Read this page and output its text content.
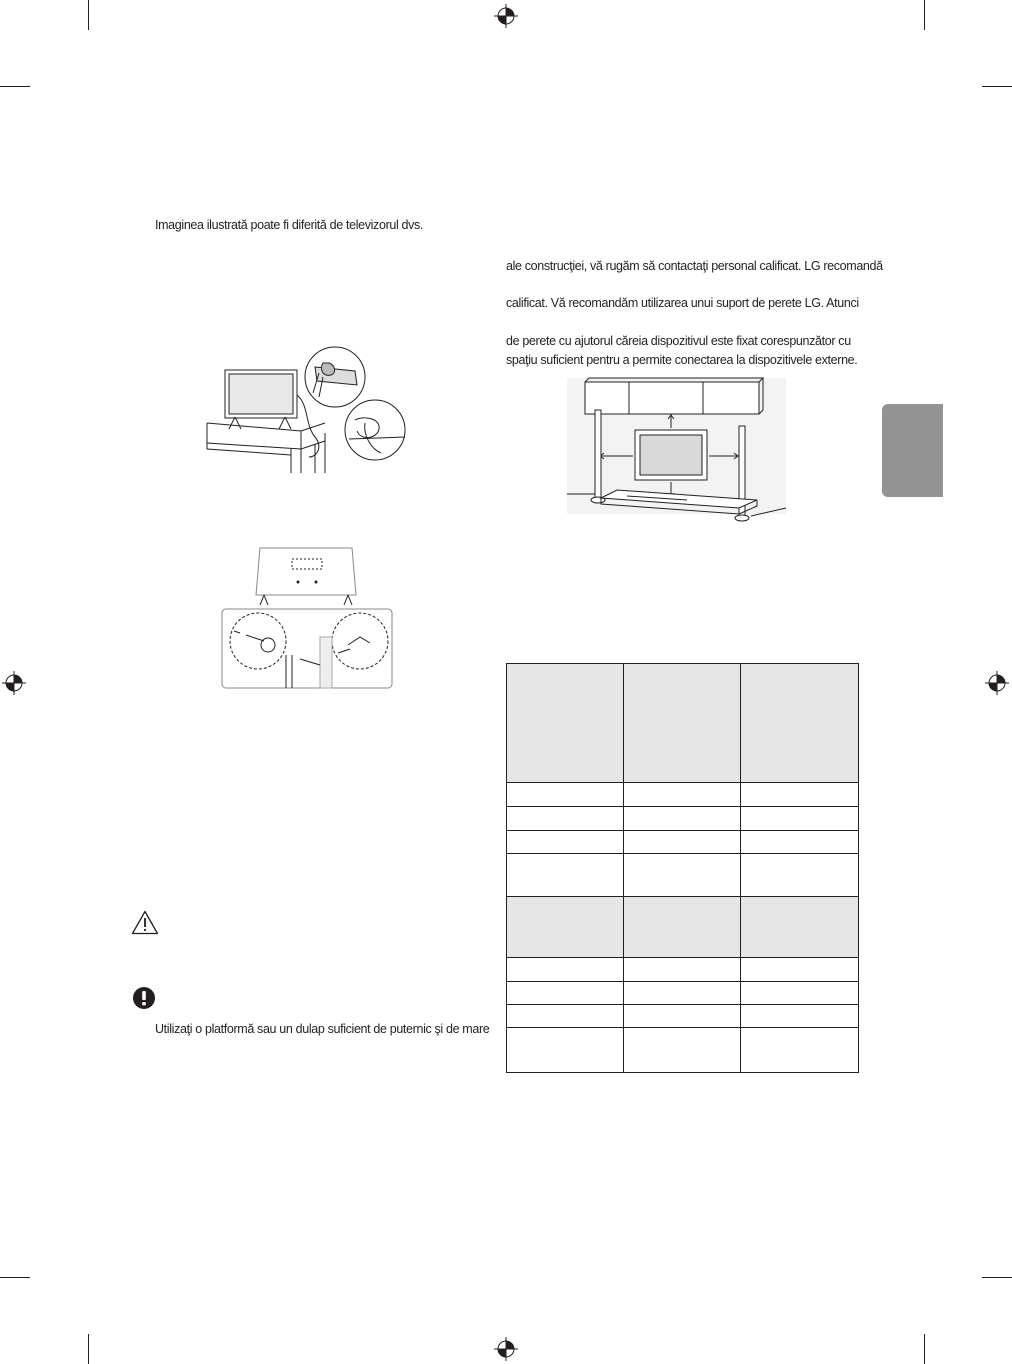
Imaginea ilustrată poate fi diferită de televizorul dvs.
Utilizaţi o platformă sau un dulap suficient de puternic şi de mare
ale construcţiei, vă rugăm să contactaţi personal calificat. LG recomandă
calificat. Vă recomandăm utilizarea unui suport de perete LG. Atunci
de perete cu ajutorul căreia dispozitivul este fixat corespunzător cu
spaţiu suficient pentru a permite conectarea la dispozitivele externe.
